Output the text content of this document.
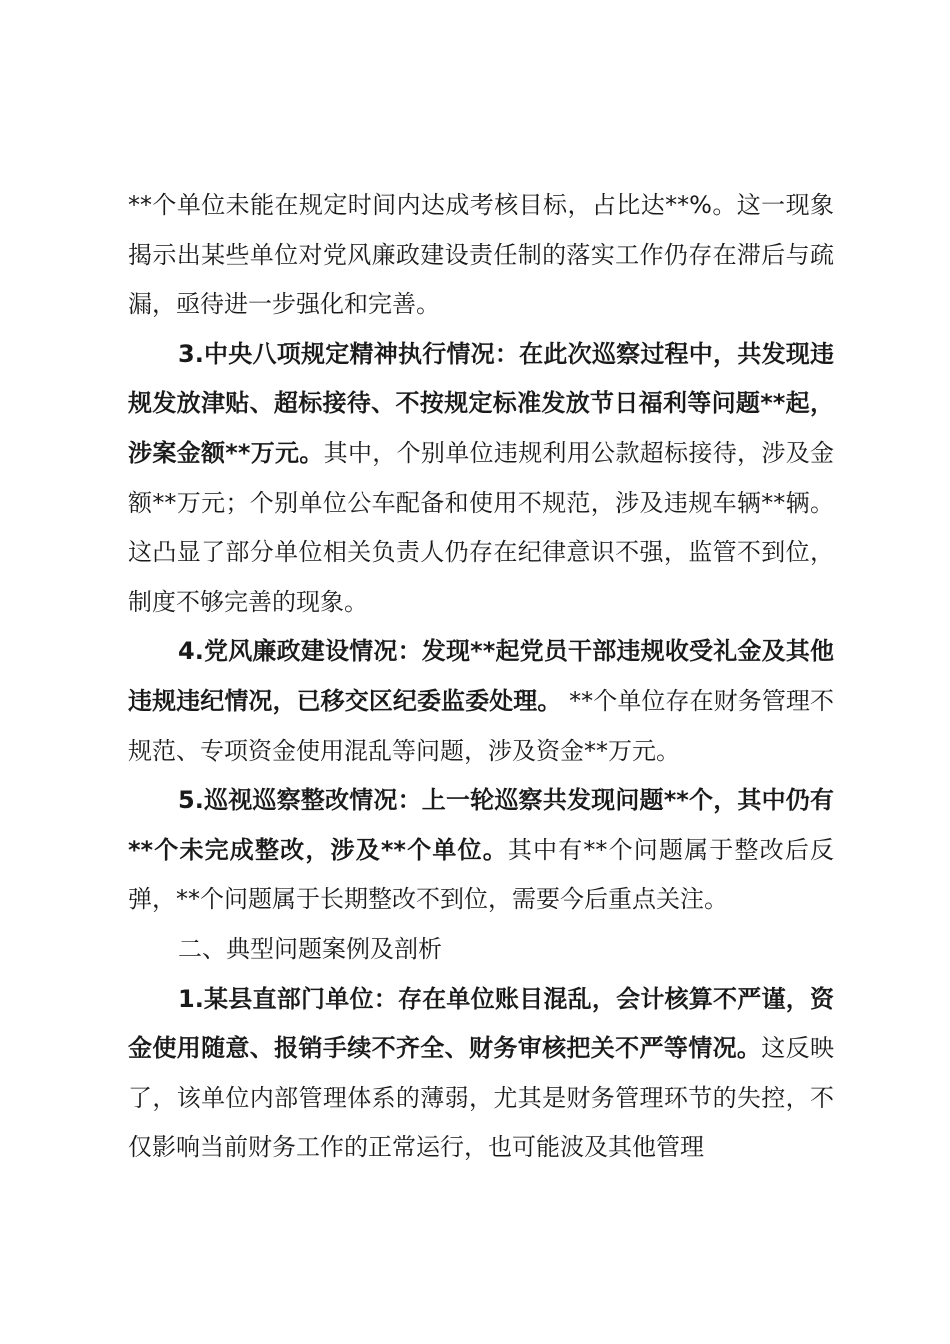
**个单位未能在规定时间内达成考核目标，占比达**%。这一现象揭示出某些单位对党风廉政建设责任制的落实工作仍存在滞后与疏漏，亟待进一步强化和完善。

3.中央八项规定精神执行情况：在此次巡察过程中，共发现违规发放津贴、超标接待、不按规定标准发放节日福利等问题**起，涉案金额**万元。其中，个别单位违规利用公款超标接待，涉及金额**万元；个别单位公车配备和使用不规范，涉及违规车辆**辆。这凸显了部分单位相关负责人仍存在纪律意识不强，监管不到位，制度不够完善的现象。

4.党风廉政建设情况：发现**起党员干部违规收受礼金及其他违规违纪情况，已移交区纪委监委处理。 **个单位存在财务管理不规范、专项资金使用混乱等问题，涉及资金**万元。

5.巡视巡察整改情况：上一轮巡察共发现问题**个，其中仍有**个未完成整改，涉及**个单位。其中有**个问题属于整改后反弹，**个问题属于长期整改不到位，需要今后重点关注。

二、典型问题案例及剖析

1.某县直部门单位：存在单位账目混乱，会计核算不严谨，资金使用随意、报销手续不齐全、财务审核把关不严等情况。这反映了，该单位内部管理体系的薄弱，尤其是财务管理环节的失控，不仅影响当前财务工作的正常运行，也可能波及其他管理
